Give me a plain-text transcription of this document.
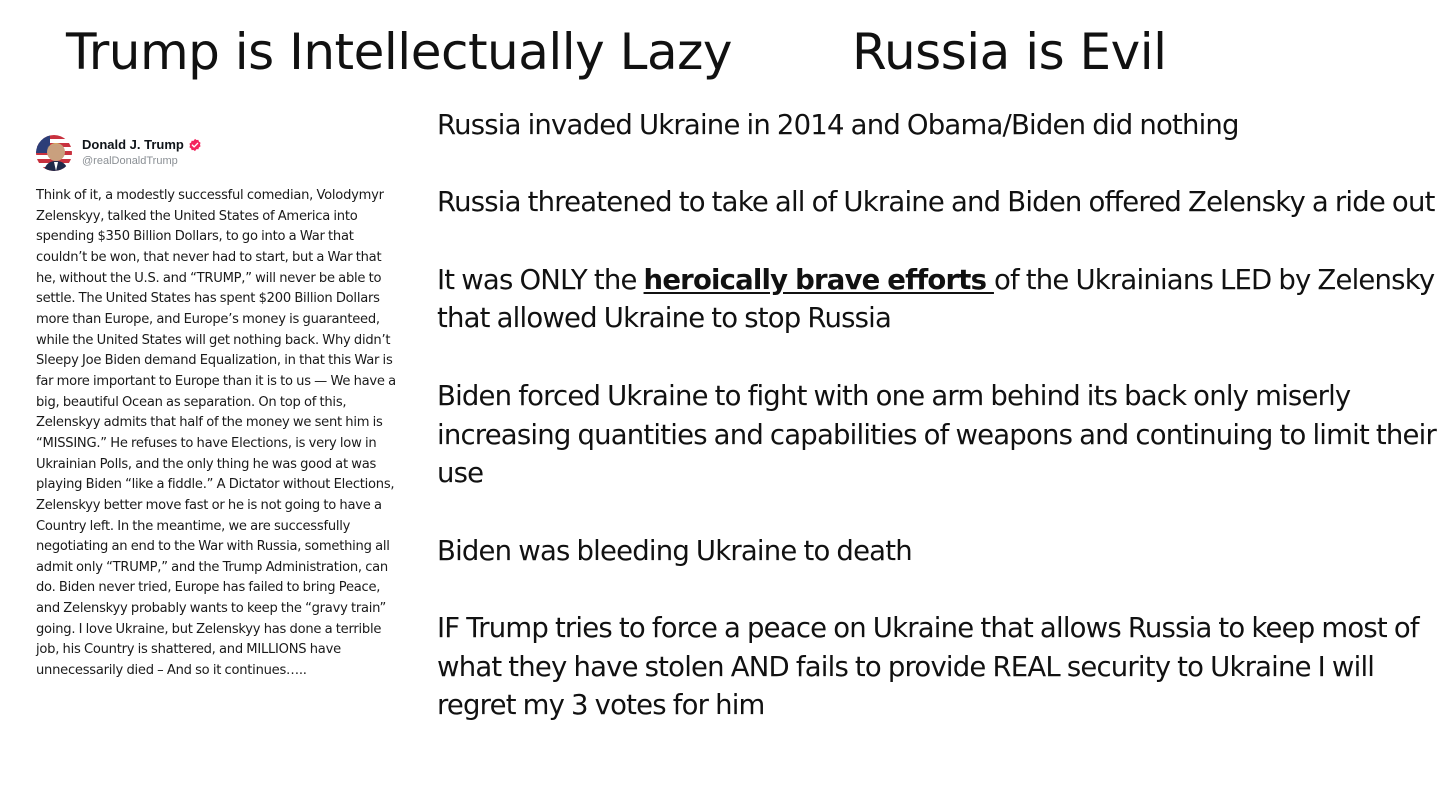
Trump is Intellectually Lazy Russia is Evil
Donald J. Trump
@realDonaldTrump
Think of it, a modestly successful comedian, Volodymyr Zelenskyy, talked the United States of America into spending $350 Billion Dollars, to go into a War that couldn’t be won, that never had to start, but a War that he, without the U.S. and “TRUMP,” will never be able to settle. The United States has spent $200 Billion Dollars more than Europe, and Europe’s money is guaranteed, while the United States will get nothing back. Why didn’t Sleepy Joe Biden demand Equalization, in that this War is far more important to Europe than it is to us — We have a big, beautiful Ocean as separation. On top of this, Zelenskyy admits that half of the money we sent him is “MISSING.” He refuses to have Elections, is very low in Ukrainian Polls, and the only thing he was good at was playing Biden “like a fiddle.” A Dictator without Elections, Zelenskyy better move fast or he is not going to have a Country left. In the meantime, we are successfully negotiating an end to the War with Russia, something all admit only “TRUMP,” and the Trump Administration, can do. Biden never tried, Europe has failed to bring Peace, and Zelenskyy probably wants to keep the “gravy train” going. I love Ukraine, but Zelenskyy has done a terrible job, his Country is shattered, and MILLIONS have unnecessarily died – And so it continues…..

Russia invaded Ukraine in 2014 and Obama/Biden did nothing

Russia threatened to take all of Ukraine and Biden offered Zelensky a ride out

It was ONLY the heroically brave efforts of the Ukrainians LED by Zelensky that allowed Ukraine to stop Russia

Biden forced Ukraine to fight with one arm behind its back only miserly increasing quantities and capabilities of weapons and continuing to limit their use

Biden was bleeding Ukraine to death

IF Trump tries to force a peace on Ukraine that allows Russia to keep most of what they have stolen AND fails to provide REAL security to Ukraine I will regret my 3 votes for him
